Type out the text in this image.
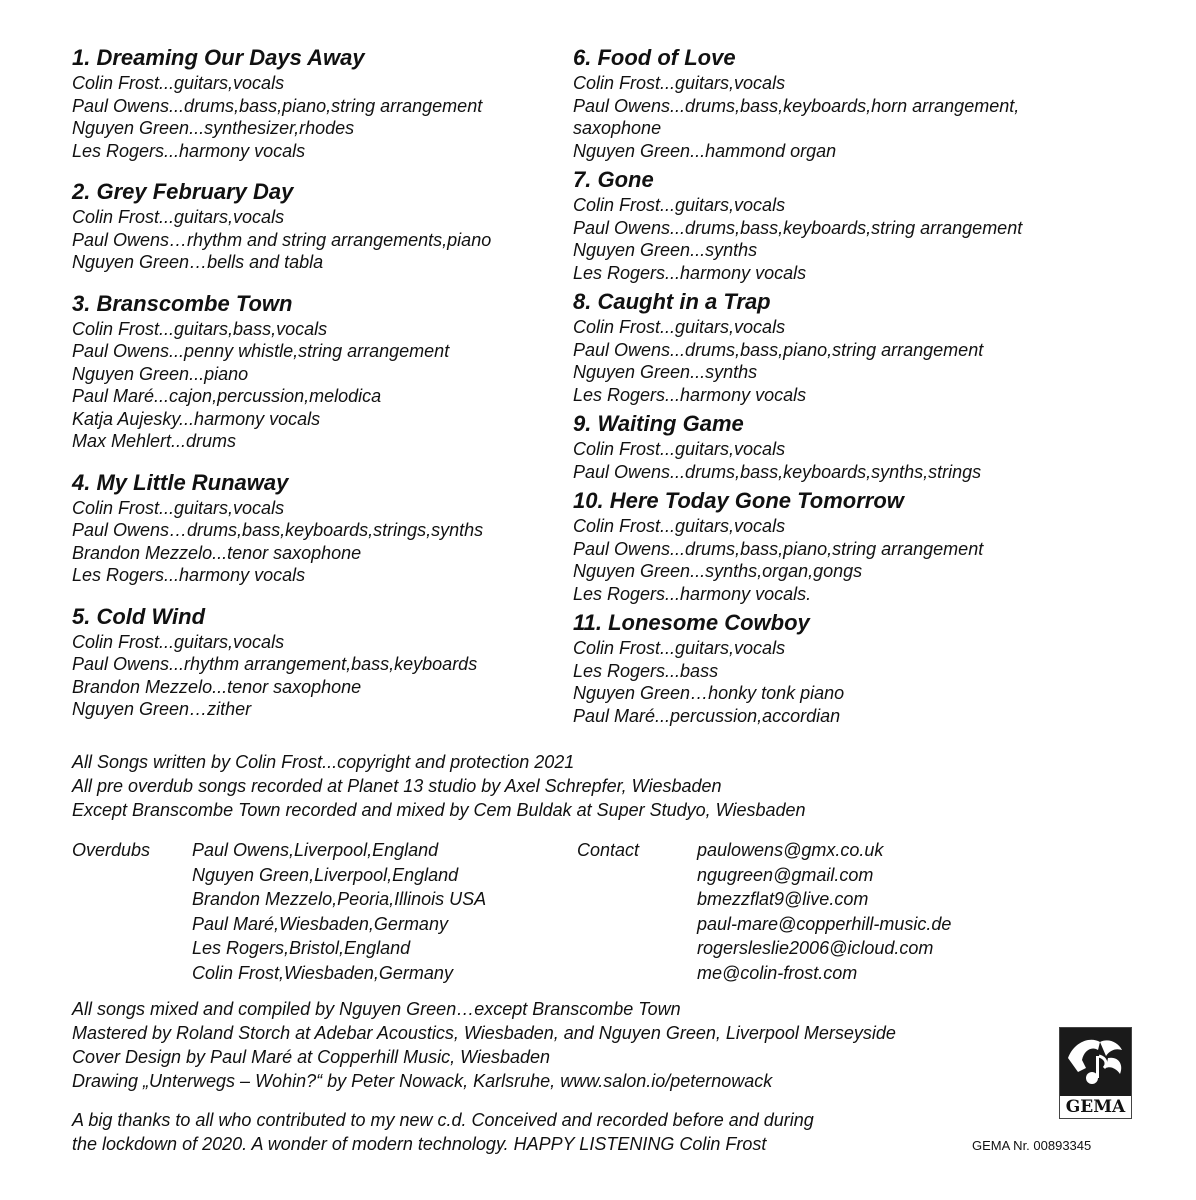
1. Dreaming Our Days Away

Colin Frost...guitars,vocals

Paul Owens...drums,bass,piano,string arrangement

Nguyen Green...synthesizer,rhodes

Les Rogers...harmony vocals

2. Grey February Day

Colin Frost...guitars,vocals

Paul Owens…rhythm and string arrangements,piano

Nguyen Green…bells and tabla

3. Branscombe Town

Colin Frost...guitars,bass,vocals

Paul Owens...penny whistle,string arrangement

Nguyen Green...piano

Paul Maré...cajon,percussion,melodica

Katja Aujesky...harmony vocals

Max Mehlert...drums

4. My Little Runaway

Colin Frost...guitars,vocals

Paul Owens…drums,bass,keyboards,strings,synths

Brandon Mezzelo...tenor saxophone

Les Rogers...harmony vocals

5. Cold Wind

Colin Frost...guitars,vocals

Paul Owens...rhythm arrangement,bass,keyboards

Brandon Mezzelo...tenor saxophone

Nguyen Green…zither

6. Food of Love

Colin Frost...guitars,vocals

Paul Owens...drums,bass,keyboards,horn arrangement,
saxophone

Nguyen Green...hammond organ

7. Gone

Colin Frost...guitars,vocals

Paul Owens...drums,bass,keyboards,string arrangement

Nguyen Green...synths

Les Rogers...harmony vocals

8. Caught in a Trap

Colin Frost...guitars,vocals

Paul Owens...drums,bass,piano,string arrangement

Nguyen Green...synths

Les Rogers...harmony vocals

9. Waiting Game

Colin Frost...guitars,vocals

Paul Owens...drums,bass,keyboards,synths,strings

10. Here Today Gone Tomorrow

Colin Frost...guitars,vocals

Paul Owens...drums,bass,piano,string arrangement

Nguyen Green...synths,organ,gongs

Les Rogers...harmony vocals.

11. Lonesome Cowboy

Colin Frost...guitars,vocals

Les Rogers...bass

Nguyen Green…honky tonk piano

Paul Maré...percussion,accordian

All Songs written by Colin Frost...copyright and protection 2021

All pre overdub songs recorded at Planet 13 studio by Axel Schrepfer, Wiesbaden

Except Branscombe Town recorded and mixed by Cem Buldak at Super Studyo, Wiesbaden

Overdubs Paul Owens,Liverpool,England
Nguyen Green,Liverpool,England
Brandon Mezzelo,Peoria,Illinois USA
Paul Maré,Wiesbaden,Germany
Les Rogers,Bristol,England
Colin Frost,Wiesbaden,Germany
Contact	paulowens@gmx.co.uk
ngugreen@gmail.com
bmezzflat9@live.com
paul-mare@copperhill-music.de
rogersleslie2006@icloud.com
me@colin-frost.com

All songs mixed and compiled by Nguyen Green…except Branscombe Town

Mastered by Roland Storch at Adebar Acoustics, Wiesbaden, and Nguyen Green, Liverpool Merseyside

Cover Design by Paul Maré at Copperhill Music, Wiesbaden

Drawing „Unterwegs – Wohin?“ by Peter Nowack, Karlsruhe, www.salon.io/peternowack

A big thanks to all who contributed to my new c.d. Conceived and recorded before and during

the lockdown of 2020. A wonder of modern technology. HAPPY LISTENING Colin Frost

GEMA
GEMA Nr. 00893345
